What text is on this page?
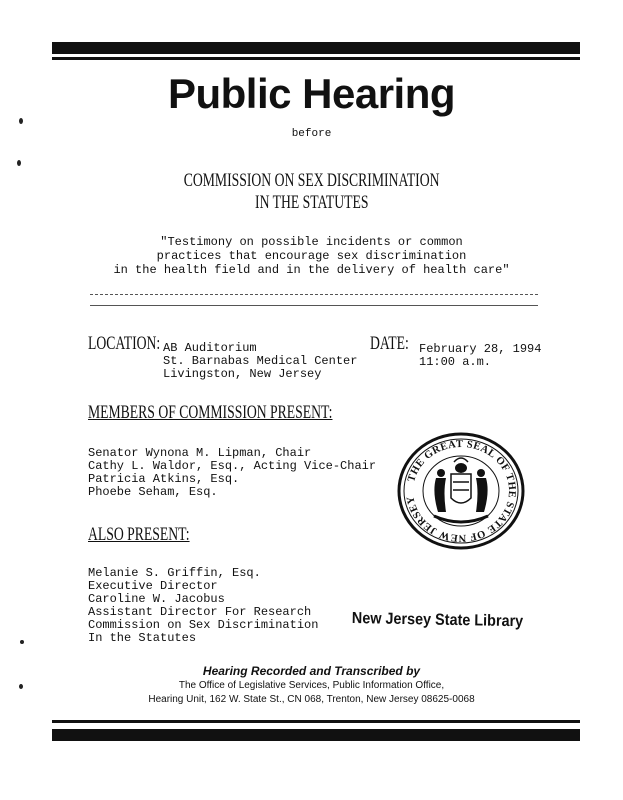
Public Hearing
before
COMMISSION ON SEX DISCRIMINATION
IN THE STATUTES
"Testimony on possible incidents or common
practices that encourage sex discrimination
in the health field and in the delivery of health care"
LOCATION: AB Auditorium
St. Barnabas Medical Center
Livingston, New Jersey
DATE: February 28, 1994
11:00 a.m.
MEMBERS OF COMMISSION PRESENT:
Senator Wynona M. Lipman, Chair
Cathy L. Waldor, Esq., Acting Vice-Chair
Patricia Atkins, Esq.
Phoebe Seham, Esq.
THE GREAT SEAL OF THE STATE OF NEW JERSEY
ALSO PRESENT:
Melanie S. Griffin, Esq.
Executive Director
Caroline W. Jacobus
Assistant Director For Research
Commission on Sex Discrimination
In the Statutes
New Jersey State Library
Hearing Recorded and Transcribed by
The Office of Legislative Services, Public Information Office,
Hearing Unit, 162 W. State St., CN 068, Trenton, New Jersey 08625-0068
